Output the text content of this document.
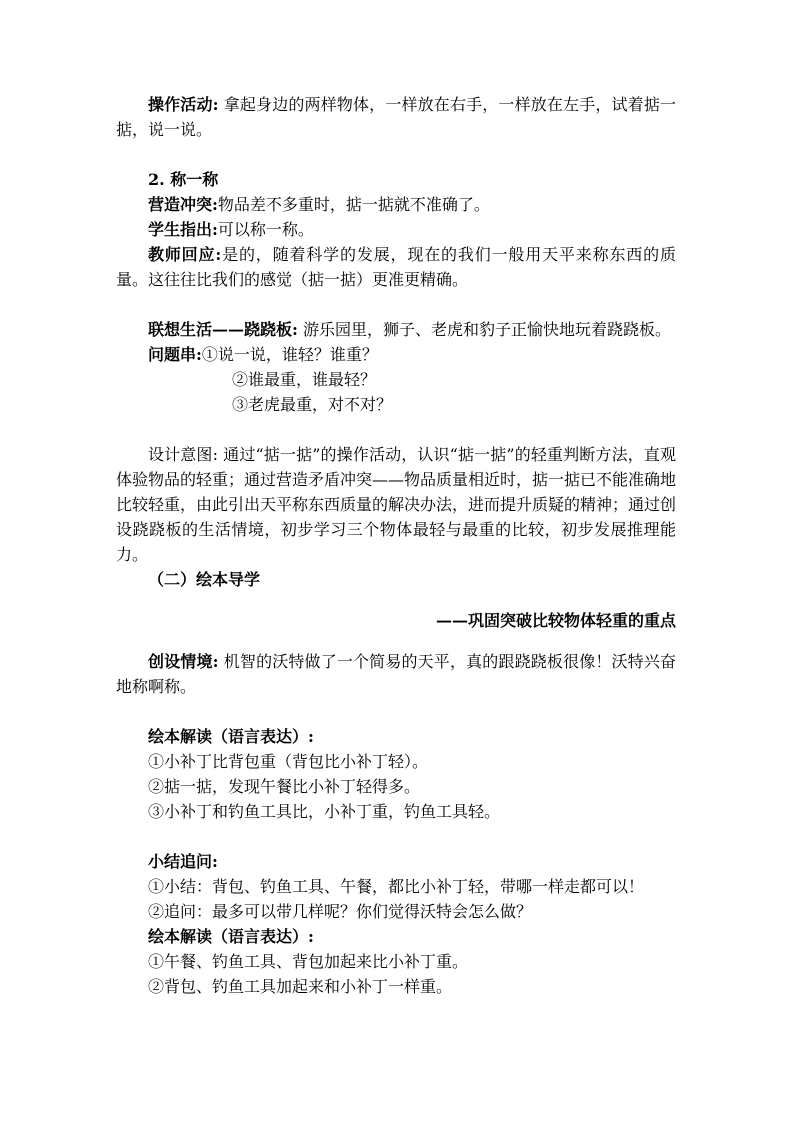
操作活动: 拿起身边的两样物体，一样放在右手，一样放在左手，试着掂一掂，说一说。

2. 称一称

营造冲突:物品差不多重时，掂一掂就不准确了。

学生指出:可以称一称。

教师回应:是的，随着科学的发展，现在的我们一般用天平来称东西的质量。这往往比我们的感觉（掂一掂）更准更精确。

联想生活——跷跷板: 游乐园里，狮子、老虎和豹子正愉快地玩着跷跷板。

问题串:①说一说，谁轻？谁重？

②谁最重，谁最轻？

③老虎最重，对不对？

设计意图: 通过“掂一掂”的操作活动，认识“掂一掂”的轻重判断方法，直观体验物品的轻重；通过营造矛盾冲突——物品质量相近时，掂一掂已不能准确地比较轻重，由此引出天平称东西质量的解决办法，进而提升质疑的精神；通过创设跷跷板的生活情境，初步学习三个物体最轻与最重的比较，初步发展推理能力。

（二）绘本导学

——巩固突破比较物体轻重的重点

创设情境: 机智的沃特做了一个简易的天平，真的跟跷跷板很像！沃特兴奋地称啊称。

绘本解读（语言表达）:

①小补丁比背包重（背包比小补丁轻）。

②掂一掂，发现午餐比小补丁轻得多。

③小补丁和钓鱼工具比，小补丁重，钓鱼工具轻。

小结追问:

①小结：背包、钓鱼工具、午餐，都比小补丁轻，带哪一样走都可以！

②追问：最多可以带几样呢？你们觉得沃特会怎么做？

绘本解读（语言表达）:

①午餐、钓鱼工具、背包加起来比小补丁重。

②背包、钓鱼工具加起来和小补丁一样重。
